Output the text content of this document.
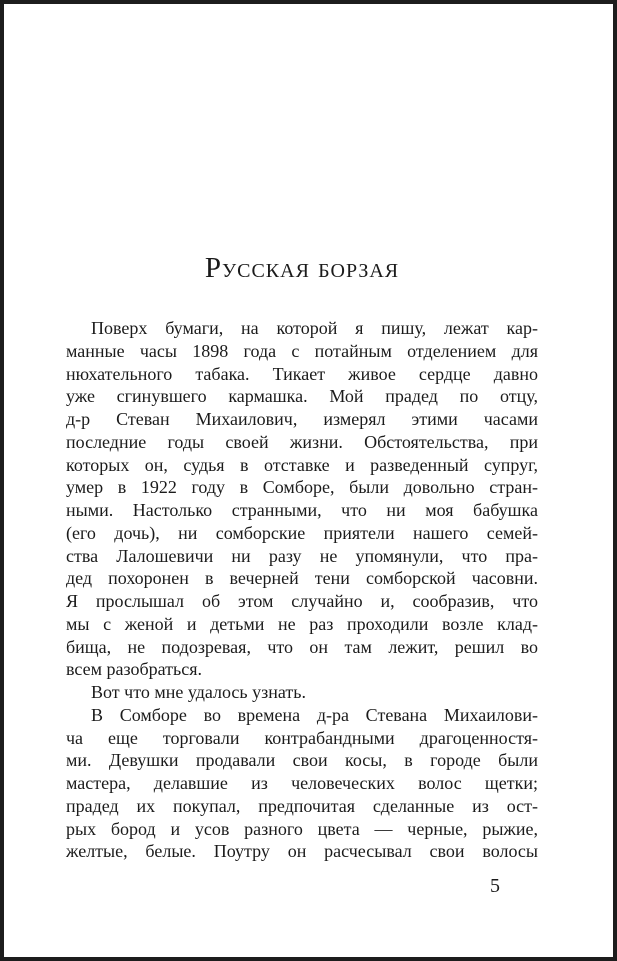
Русская борзая
Поверх бумаги, на которой я пишу, лежат кар-
манные часы 1898 года с потайным отделением для
нюхательного табака. Тикает живое сердце давно
уже сгинувшего кармашка. Мой прадед по отцу,
д-р Стеван Михаилович, измерял этими часами
последние годы своей жизни. Обстоятельства, при
которых он, судья в отставке и разведенный супруг,
умер в 1922 году в Сомборе, были довольно стран-
ными. Настолько странными, что ни моя бабушка
(его дочь), ни сомборские приятели нашего семей-
ства Лалошевичи ни разу не упомянули, что пра-
дед похоронен в вечерней тени сомборской часовни.
Я прослышал об этом случайно и, сообразив, что
мы с женой и детьми не раз проходили возле клад-
бища, не подозревая, что он там лежит, решил во
всем разобраться.
Вот что мне удалось узнать.
В Сомборе во времена д-ра Стевана Михаилови-
ча еще торговали контрабандными драгоценностя-
ми. Девушки продавали свои косы, в городе были
мастера, делавшие из человеческих волос щетки;
прадед их покупал, предпочитая сделанные из ост-
рых бород и усов разного цвета — черные, рыжие,
желтые, белые. Поутру он расчесывал свои волосы
5
